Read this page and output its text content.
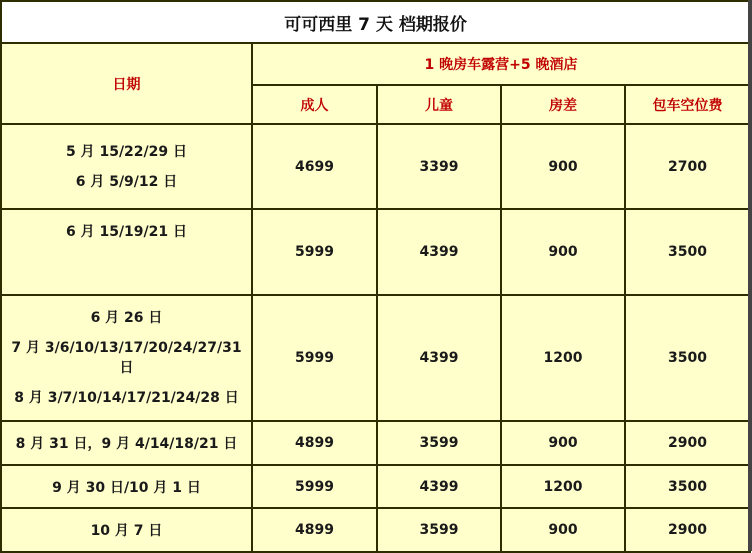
可可西里 7 天 档期报价				
日期	1 晚房车露营+5 晚酒店			
	成人	儿童	房差	包车空位费

5 月 15/22/29 日
6 月 5/9/12 日	4699	3399	900	2700

6 月 15/19/21 日	5999	4399	900	3500

6 月 26 日
7 月 3/6/10/13/17/20/24/27/31 日
8 月 3/7/10/14/17/21/24/28 日	5999	4399	1200	3500
8 月 31 日，9 月 4/14/18/21 日	4899	3599	900	2900
9 月 30 日/10 月 1 日	5999	4399	1200	3500
10 月 7 日	4899	3599	900	2900
